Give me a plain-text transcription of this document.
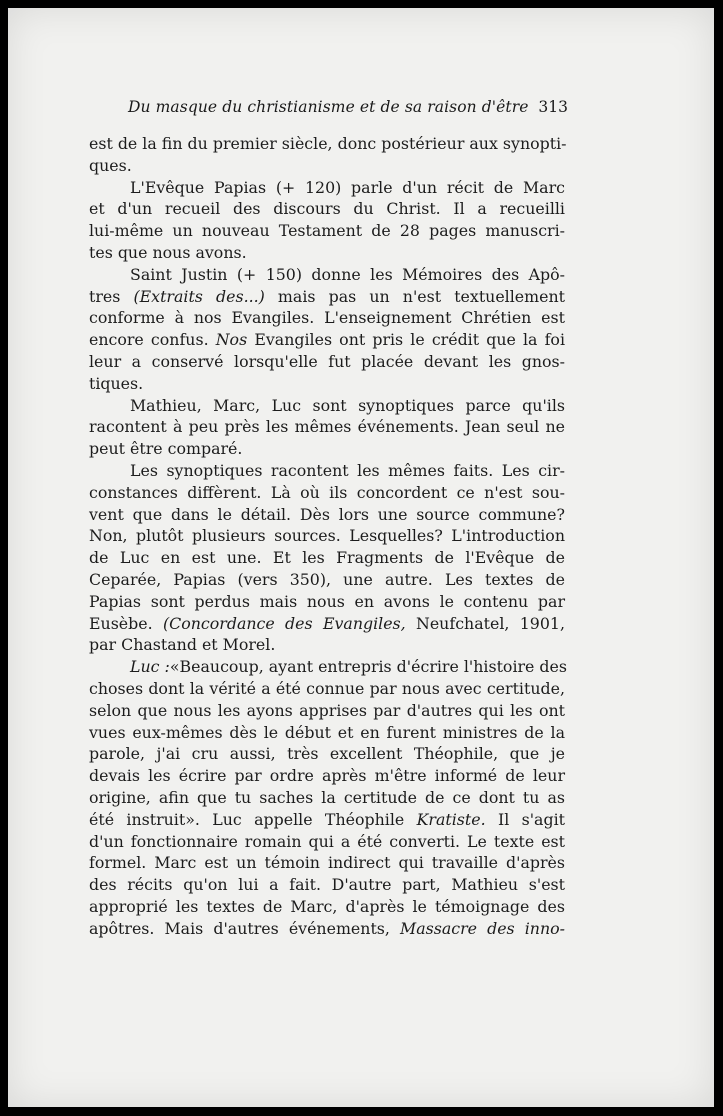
Du masque du christianisme et de sa raison d'être 313
est de la fin du premier siècle, donc postérieur aux synopti-
ques.
L'Evêque Papias (+ 120) parle d'un récit de Marc
et d'un recueil des discours du Christ. Il a recueilli
lui-même un nouveau Testament de 28 pages manuscri-
tes que nous avons.
Saint Justin (+ 150) donne les Mémoires des Apô-
tres (Extraits des...) mais pas un n'est textuellement
conforme à nos Evangiles. L'enseignement Chrétien est
encore confus. Nos Evangiles ont pris le crédit que la foi
leur a conservé lorsqu'elle fut placée devant les gnos-
tiques.
Mathieu, Marc, Luc sont synoptiques parce qu'ils
racontent à peu près les mêmes événements. Jean seul ne
peut être comparé.
Les synoptiques racontent les mêmes faits. Les cir-
constances diffèrent. Là où ils concordent ce n'est sou-
vent que dans le détail. Dès lors une source commune?
Non, plutôt plusieurs sources. Lesquelles? L'introduction
de Luc en est une. Et les Fragments de l'Evêque de
Ceparée, Papias (vers 350), une autre. Les textes de
Papias sont perdus mais nous en avons le contenu par
Eusèbe. (Concordance des Evangiles, Neufchatel, 1901,
par Chastand et Morel.
Luc :«Beaucoup, ayant entrepris d'écrire l'histoire des
choses dont la vérité a été connue par nous avec certitude,
selon que nous les ayons apprises par d'autres qui les ont
vues eux-mêmes dès le début et en furent ministres de la
parole, j'ai cru aussi, très excellent Théophile, que je
devais les écrire par ordre après m'être informé de leur
origine, afin que tu saches la certitude de ce dont tu as
été instruit». Luc appelle Théophile Kratiste. Il s'agit
d'un fonctionnaire romain qui a été converti. Le texte est
formel. Marc est un témoin indirect qui travaille d'après
des récits qu'on lui a fait. D'autre part, Mathieu s'est
approprié les textes de Marc, d'après le témoignage des
apôtres. Mais d'autres événements, Massacre des inno-
